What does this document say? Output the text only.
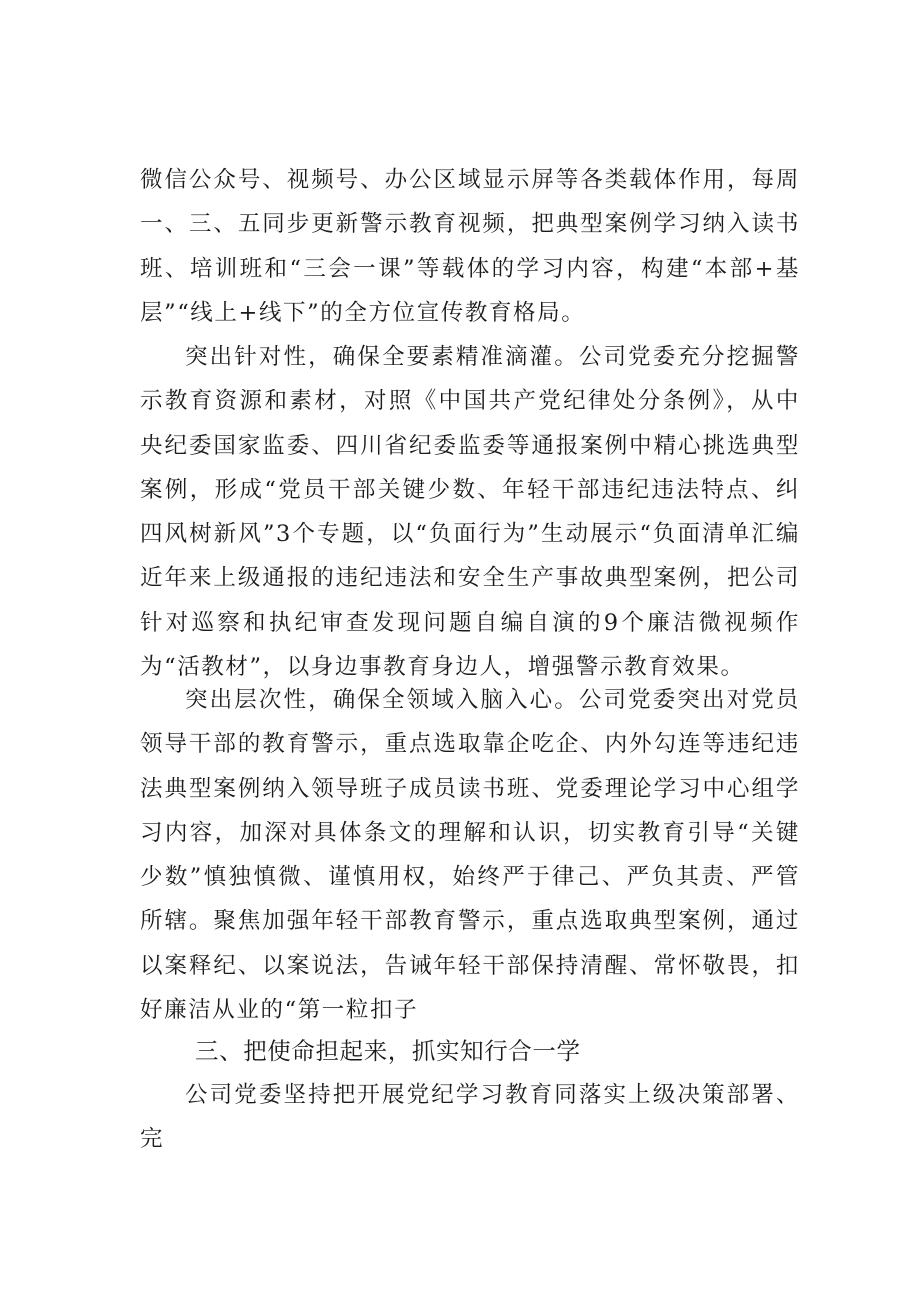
微信公众号、视频号、办公区域显示屏等各类载体作用，每周一、三、五同步更新警示教育视频，把典型案例学习纳入读书班、培训班和“三会一课”等载体的学习内容，构建“本部+基层”“线上+线下”的全方位宣传教育格局。

突出针对性，确保全要素精准滴灌。公司党委充分挖掘警示教育资源和素材，对照《中国共产党纪律处分条例》，从中央纪委国家监委、四川省纪委监委等通报案例中精心挑选典型案例，形成“党员干部关键少数、年轻干部违纪违法特点、纠四风树新风”3个专题，以“负面行为”生动展示“负面清单汇编近年来上级通报的违纪违法和安全生产事故典型案例，把公司针对巡察和执纪审查发现问题自编自演的9个廉洁微视频作为“活教材”，以身边事教育身边人，增强警示教育效果。

突出层次性，确保全领域入脑入心。公司党委突出对党员领导干部的教育警示，重点选取靠企吃企、内外勾连等违纪违法典型案例纳入领导班子成员读书班、党委理论学习中心组学习内容，加深对具体条文的理解和认识，切实教育引导“关键少数”慎独慎微、谨慎用权，始终严于律己、严负其责、严管所辖。聚焦加强年轻干部教育警示，重点选取典型案例，通过以案释纪、以案说法，告诫年轻干部保持清醒、常怀敬畏，扣好廉洁从业的“第一粒扣子

三、把使命担起来，抓实知行合一学

公司党委坚持把开展党纪学习教育同落实上级决策部署、完
